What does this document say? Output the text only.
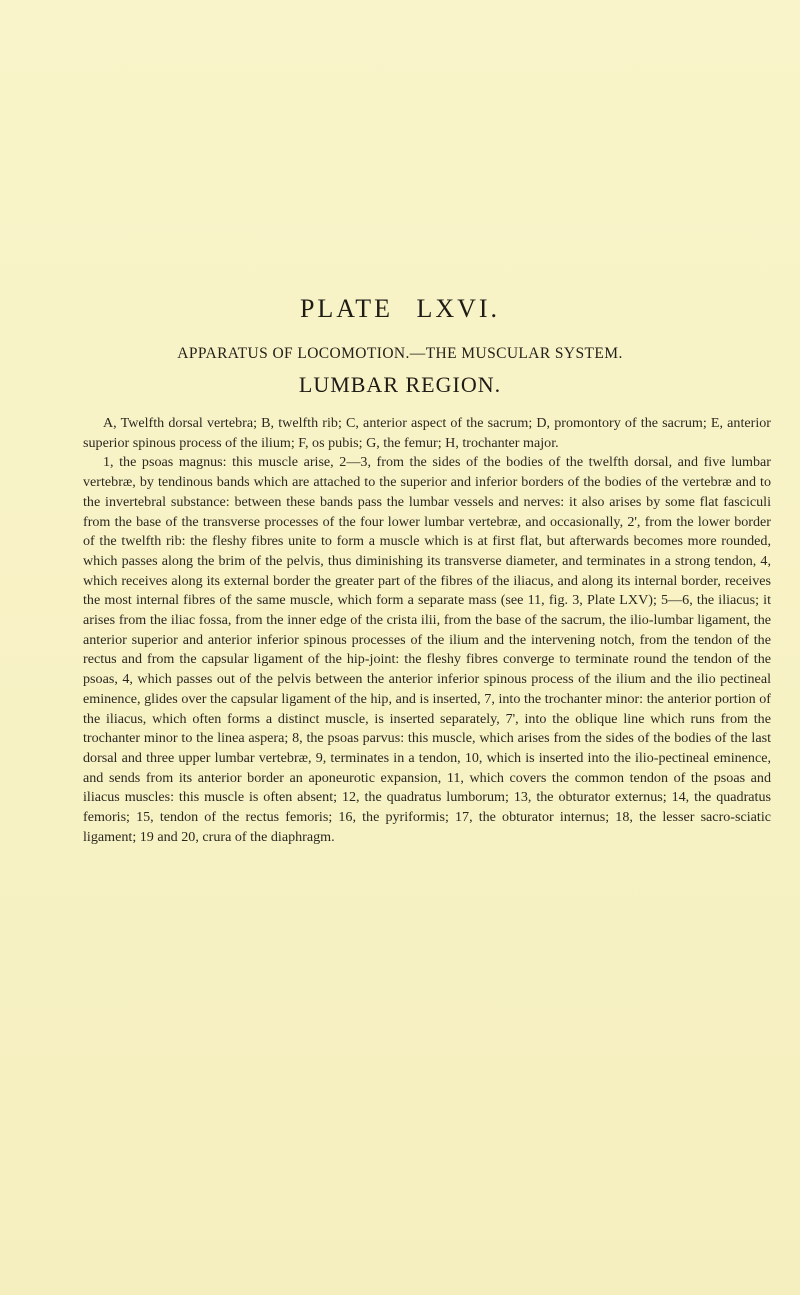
PLATE LXVI.
APPARATUS OF LOCOMOTION.—THE MUSCULAR SYSTEM.
LUMBAR REGION.

A, Twelfth dorsal vertebra; B, twelfth rib; C, anterior aspect of the sacrum; D, promontory of the sacrum; E, anterior superior spinous process of the ilium; F, os pubis; G, the femur; H, trochanter major.

1, the psoas magnus: this muscle arise, 2—3, from the sides of the bodies of the twelfth dorsal, and five lumbar vertebræ, by tendinous bands which are attached to the superior and inferior borders of the bodies of the vertebræ and to the invertebral substance: between these bands pass the lumbar vessels and nerves: it also arises by some flat fasciculi from the base of the transverse processes of the four lower lumbar vertebræ, and occasionally, 2', from the lower border of the twelfth rib: the fleshy fibres unite to form a muscle which is at first flat, but afterwards becomes more rounded, which passes along the brim of the pelvis, thus diminishing its transverse diameter, and terminates in a strong tendon, 4, which receives along its external border the greater part of the fibres of the iliacus, and along its internal border, receives the most internal fibres of the same muscle, which form a separate mass (see 11, fig. 3, Plate LXV); 5—6, the iliacus; it arises from the iliac fossa, from the inner edge of the crista ilii, from the base of the sacrum, the ilio-lumbar ligament, the anterior superior and anterior inferior spinous processes of the ilium and the intervening notch, from the tendon of the rectus and from the capsular ligament of the hip-joint: the fleshy fibres converge to terminate round the tendon of the psoas, 4, which passes out of the pelvis between the anterior inferior spinous process of the ilium and the ilio pectineal eminence, glides over the capsular ligament of the hip, and is inserted, 7, into the trochanter minor: the anterior portion of the iliacus, which often forms a distinct muscle, is inserted separately, 7', into the oblique line which runs from the trochanter minor to the linea aspera; 8, the psoas parvus: this muscle, which arises from the sides of the bodies of the last dorsal and three upper lumbar vertebræ, 9, terminates in a tendon, 10, which is inserted into the ilio-pectineal eminence, and sends from its anterior border an aponeurotic expansion, 11, which covers the common tendon of the psoas and iliacus muscles: this muscle is often absent; 12, the quadratus lumborum; 13, the obturator externus; 14, the quadratus femoris; 15, tendon of the rectus femoris; 16, the pyriformis; 17, the obturator internus; 18, the lesser sacro-sciatic ligament; 19 and 20, crura of the diaphragm.
